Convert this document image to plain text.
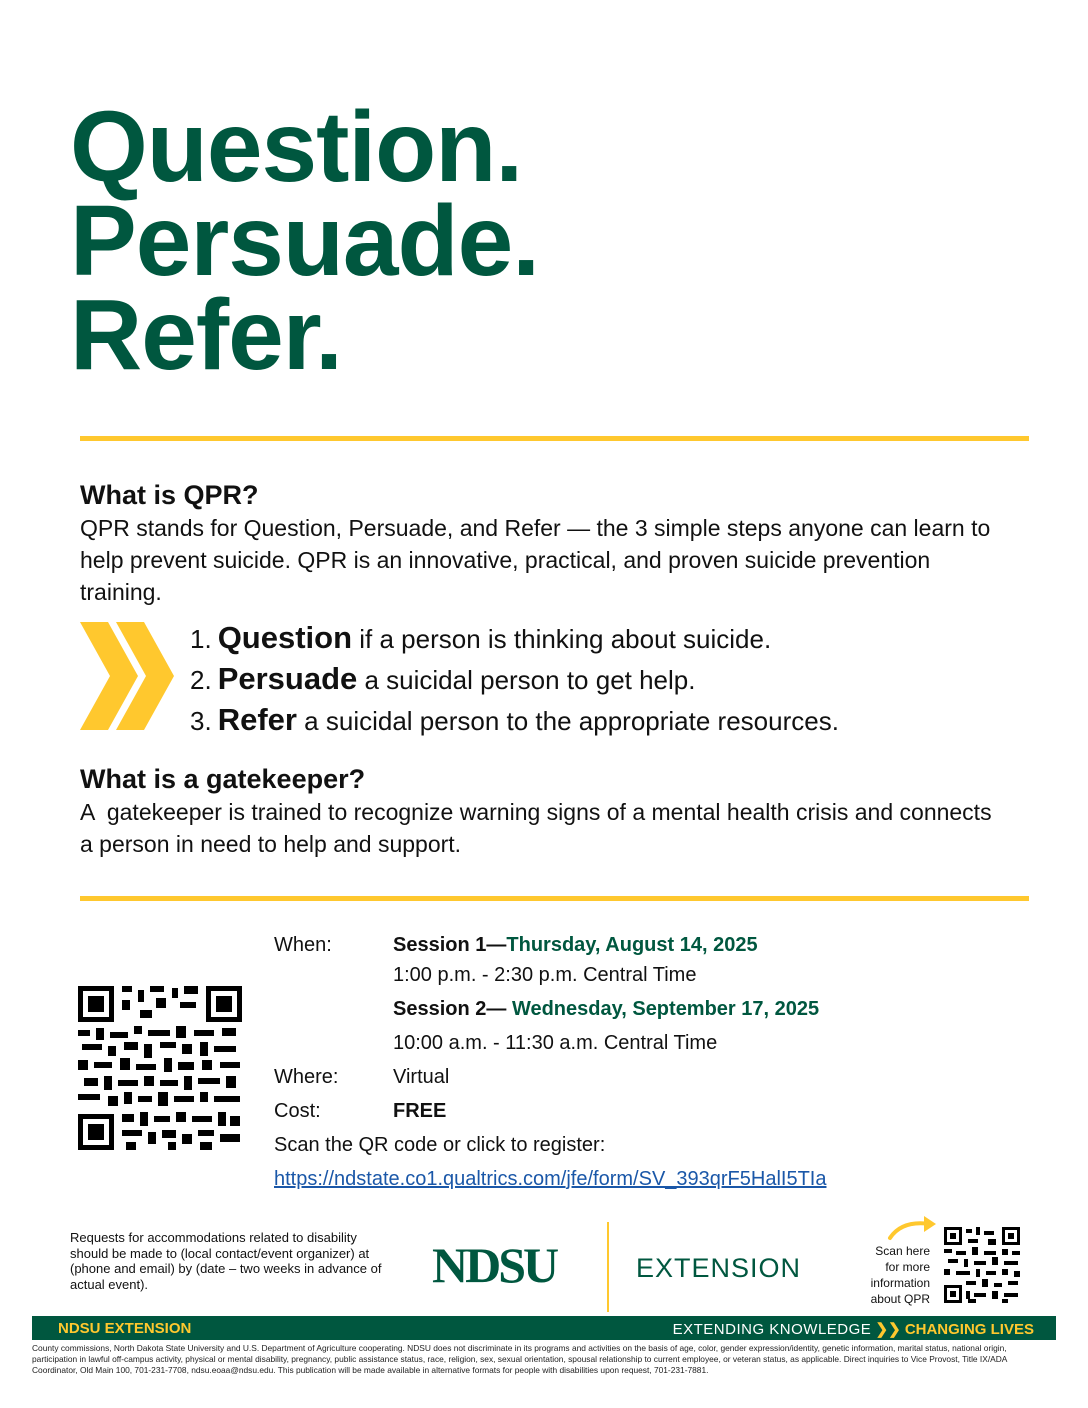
Question.
Persuade.
Refer.
What is QPR?
QPR stands for Question, Persuade, and Refer — the 3 simple steps anyone can learn to help prevent suicide. QPR is an innovative, practical, and proven suicide prevention training.
1. Question if a person is thinking about suicide.
2. Persuade a suicidal person to get help.
3. Refer a suicidal person to the appropriate resources.
What is a gatekeeper?
A  gatekeeper is trained to recognize warning signs of a mental health crisis and connects a person in need to help and support.
When:	Session 1—Thursday, August 14, 2025
1:00 p.m. - 2:30 p.m. Central Time
Session 2— Wednesday, September 17, 2025
10:00 a.m. - 11:30 a.m. Central Time
Where:	Virtual
Cost:	FREE
Scan the QR code or click to register:
https://ndstate.co1.qualtrics.com/jfe/form/SV_393qrF5HalI5TIa
Requests for accommodations related to disability should be made to (local contact/event organizer) at (phone and email) by (date – two weeks in advance of actual event).	NDSU	EXTENSION
Scan here
for more
information
about QPR
NDSU EXTENSION	EXTENDING KNOWLEDGE ❯❯ CHANGING LIVES
County commissions, North Dakota State University and U.S. Department of Agriculture cooperating. NDSU does not discriminate in its programs and activities on the basis of age, color, gender expression/identity, genetic information, marital status, national origin, participation in lawful off-campus activity, physical or mental disability, pregnancy, public assistance status, race, religion, sex, sexual orientation, spousal relationship to current employee, or veteran status, as applicable. Direct inquiries to Vice Provost, Title IX/ADA Coordinator, Old Main 100, 701-231-7708, ndsu.eoaa@ndsu.edu. This publication will be made available in alternative formats for people with disabilities upon request, 701-231-7881.
